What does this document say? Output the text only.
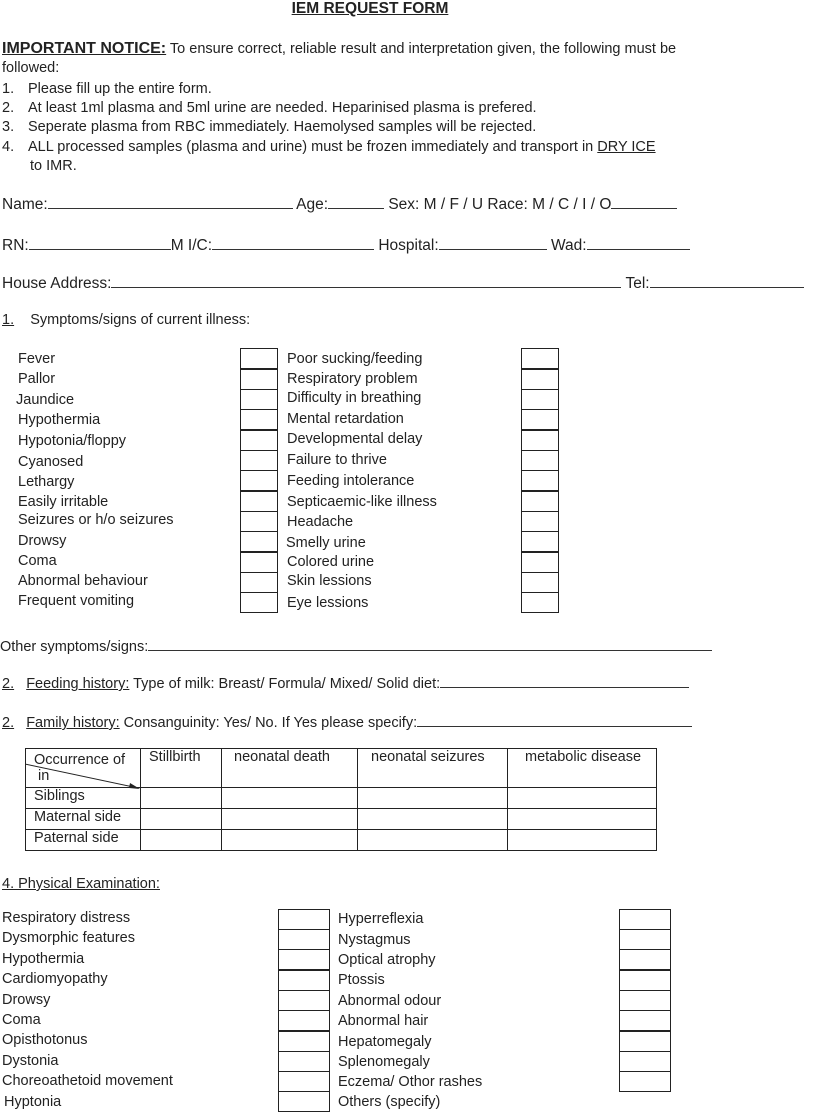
IEM REQUEST FORM
IMPORTANT NOTICE: To ensure correct, reliable result and interpretation given, the following must be followed:
1. Please fill up the entire form.
2. At least 1ml plasma and 5ml urine are needed. Heparinised plasma is prefered.
3. Seperate plasma from RBC immediately. Haemolysed samples will be rejected.
4. ALL processed samples (plasma and urine) must be frozen immediately and transport in DRY ICE
to IMR.
Name:	Age:	Sex: M / F / U Race: M / C / I / O
RN:	M I/C:	Hospital:	Wad:
House Address:	Tel:
1. Symptoms/signs of current illness:
Fever
Pallor
Jaundice
Hypothermia
Hypotonia/floppy
Cyanosed
Lethargy
Easily irritable
Seizures or h/o seizures
Drowsy
Coma
Abnormal behaviour
Frequent vomiting
Poor sucking/feeding
Respiratory problem
Difficulty in breathing
Mental retardation
Developmental delay
Failure to thrive
Feeding intolerance
Septicaemic-like illness
Headache
Smelly urine
Colored urine
Skin lessions
Eye lessions
Other symptoms/signs:
2. Feeding history: Type of milk: Breast/ Formula/ Mixed/ Solid diet:
2. Family history: Consanguinity: Yes/ No. If Yes please specify:
Occurrence of
in	Stillbirth	neonatal death	neonatal seizures	metabolic disease
Siblings				
Maternal side				
Paternal side				
4. Physical Examination:
Respiratory distress
Dysmorphic features
Hypothermia
Cardiomyopathy
Drowsy
Coma
Opisthotonus
Dystonia
Choreoathetoid movement
Hyptonia
Hyperreflexia
Nystagmus
Optical atrophy
Ptossis
Abnormal odour
Abnormal hair
Hepatomegaly
Splenomegaly
Eczema/ Othor rashes
Others (specify)
